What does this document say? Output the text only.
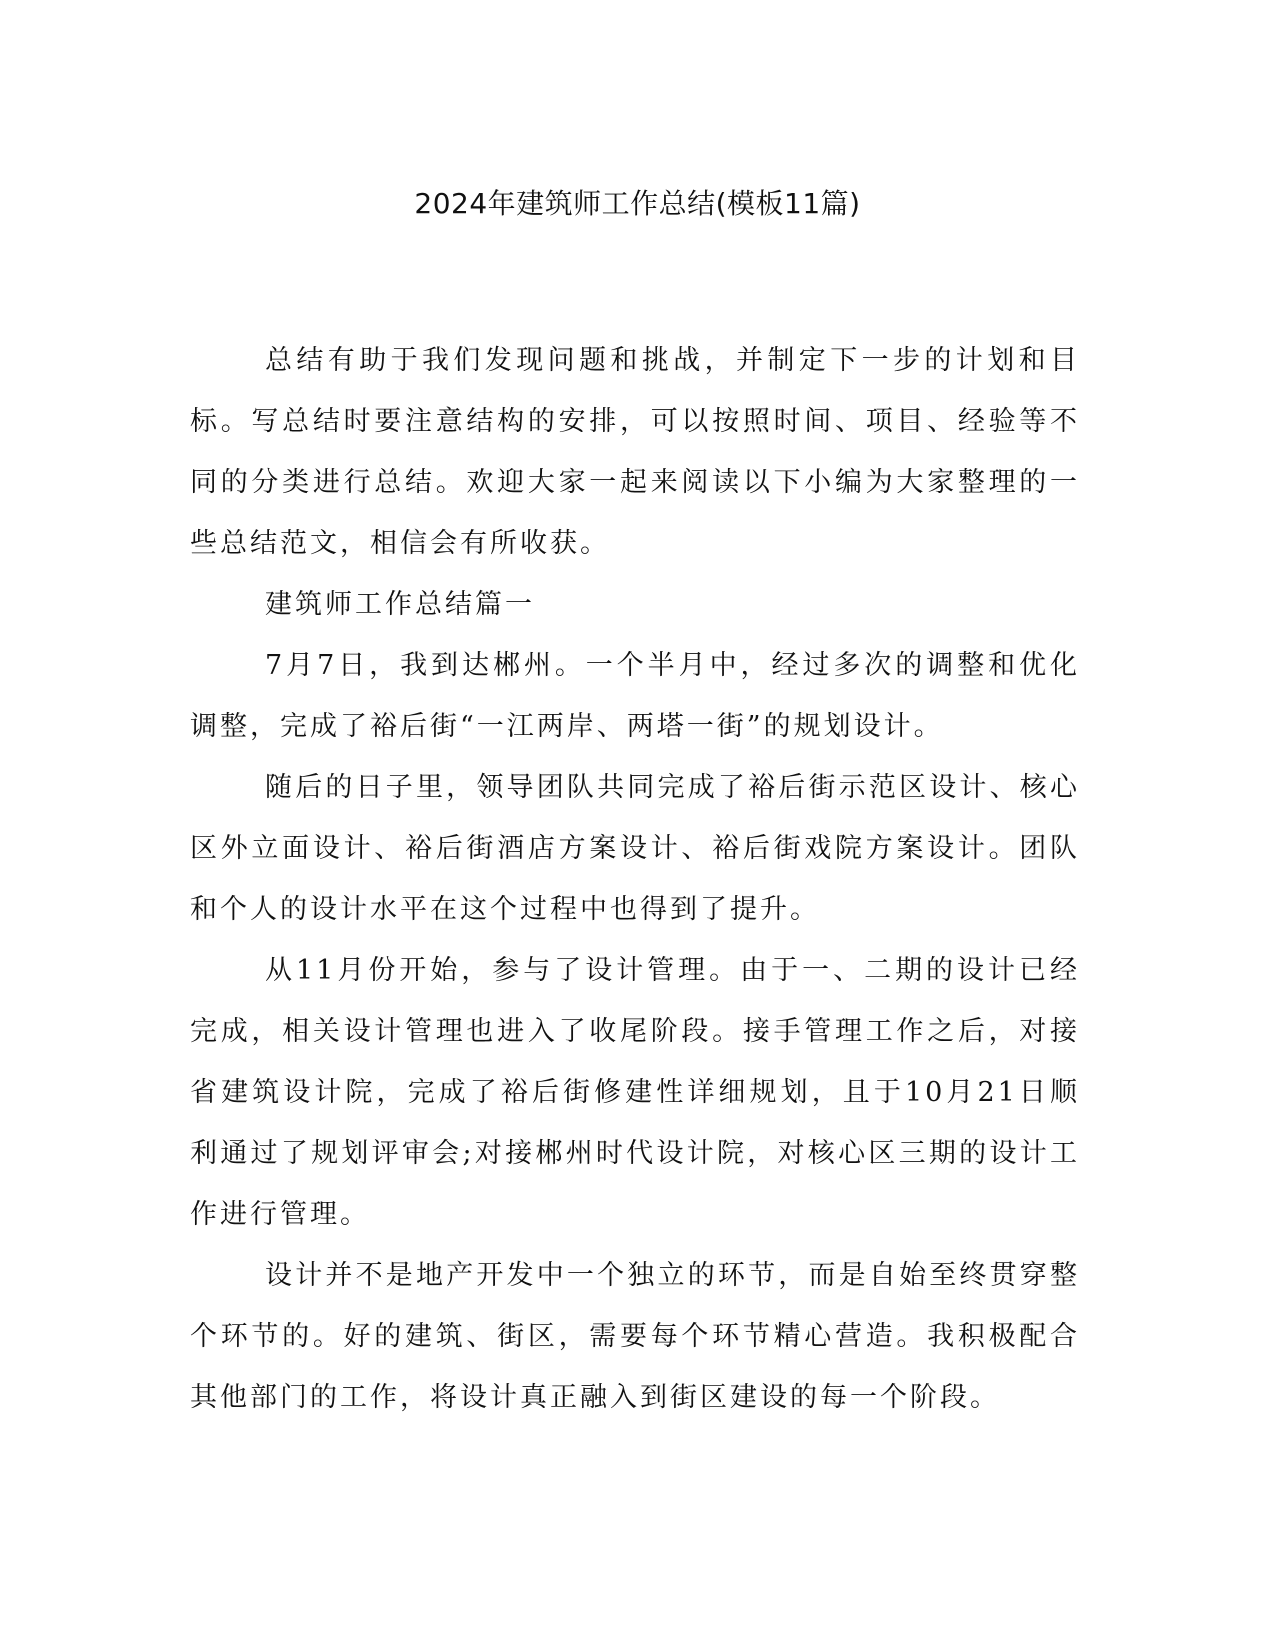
2024年建筑师工作总结(模板11篇)

总结有助于我们发现问题和挑战，并制定下一步的计划和目标。写总结时要注意结构的安排，可以按照时间、项目、经验等不同的分类进行总结。欢迎大家一起来阅读以下小编为大家整理的一些总结范文，相信会有所收获。

建筑师工作总结篇一

7月7日，我到达郴州。一个半月中，经过多次的调整和优化调整，完成了裕后街“一江两岸、两塔一街”的规划设计。

随后的日子里，领导团队共同完成了裕后街示范区设计、核心区外立面设计、裕后街酒店方案设计、裕后街戏院方案设计。团队和个人的设计水平在这个过程中也得到了提升。

从11月份开始，参与了设计管理。由于一、二期的设计已经完成，相关设计管理也进入了收尾阶段。接手管理工作之后，对接省建筑设计院，完成了裕后街修建性详细规划，且于10月21日顺利通过了规划评审会;对接郴州时代设计院，对核心区三期的设计工作进行管理。

设计并不是地产开发中一个独立的环节，而是自始至终贯穿整个环节的。好的建筑、街区，需要每个环节精心营造。我积极配合其他部门的工作，将设计真正融入到街区建设的每一个阶段。
